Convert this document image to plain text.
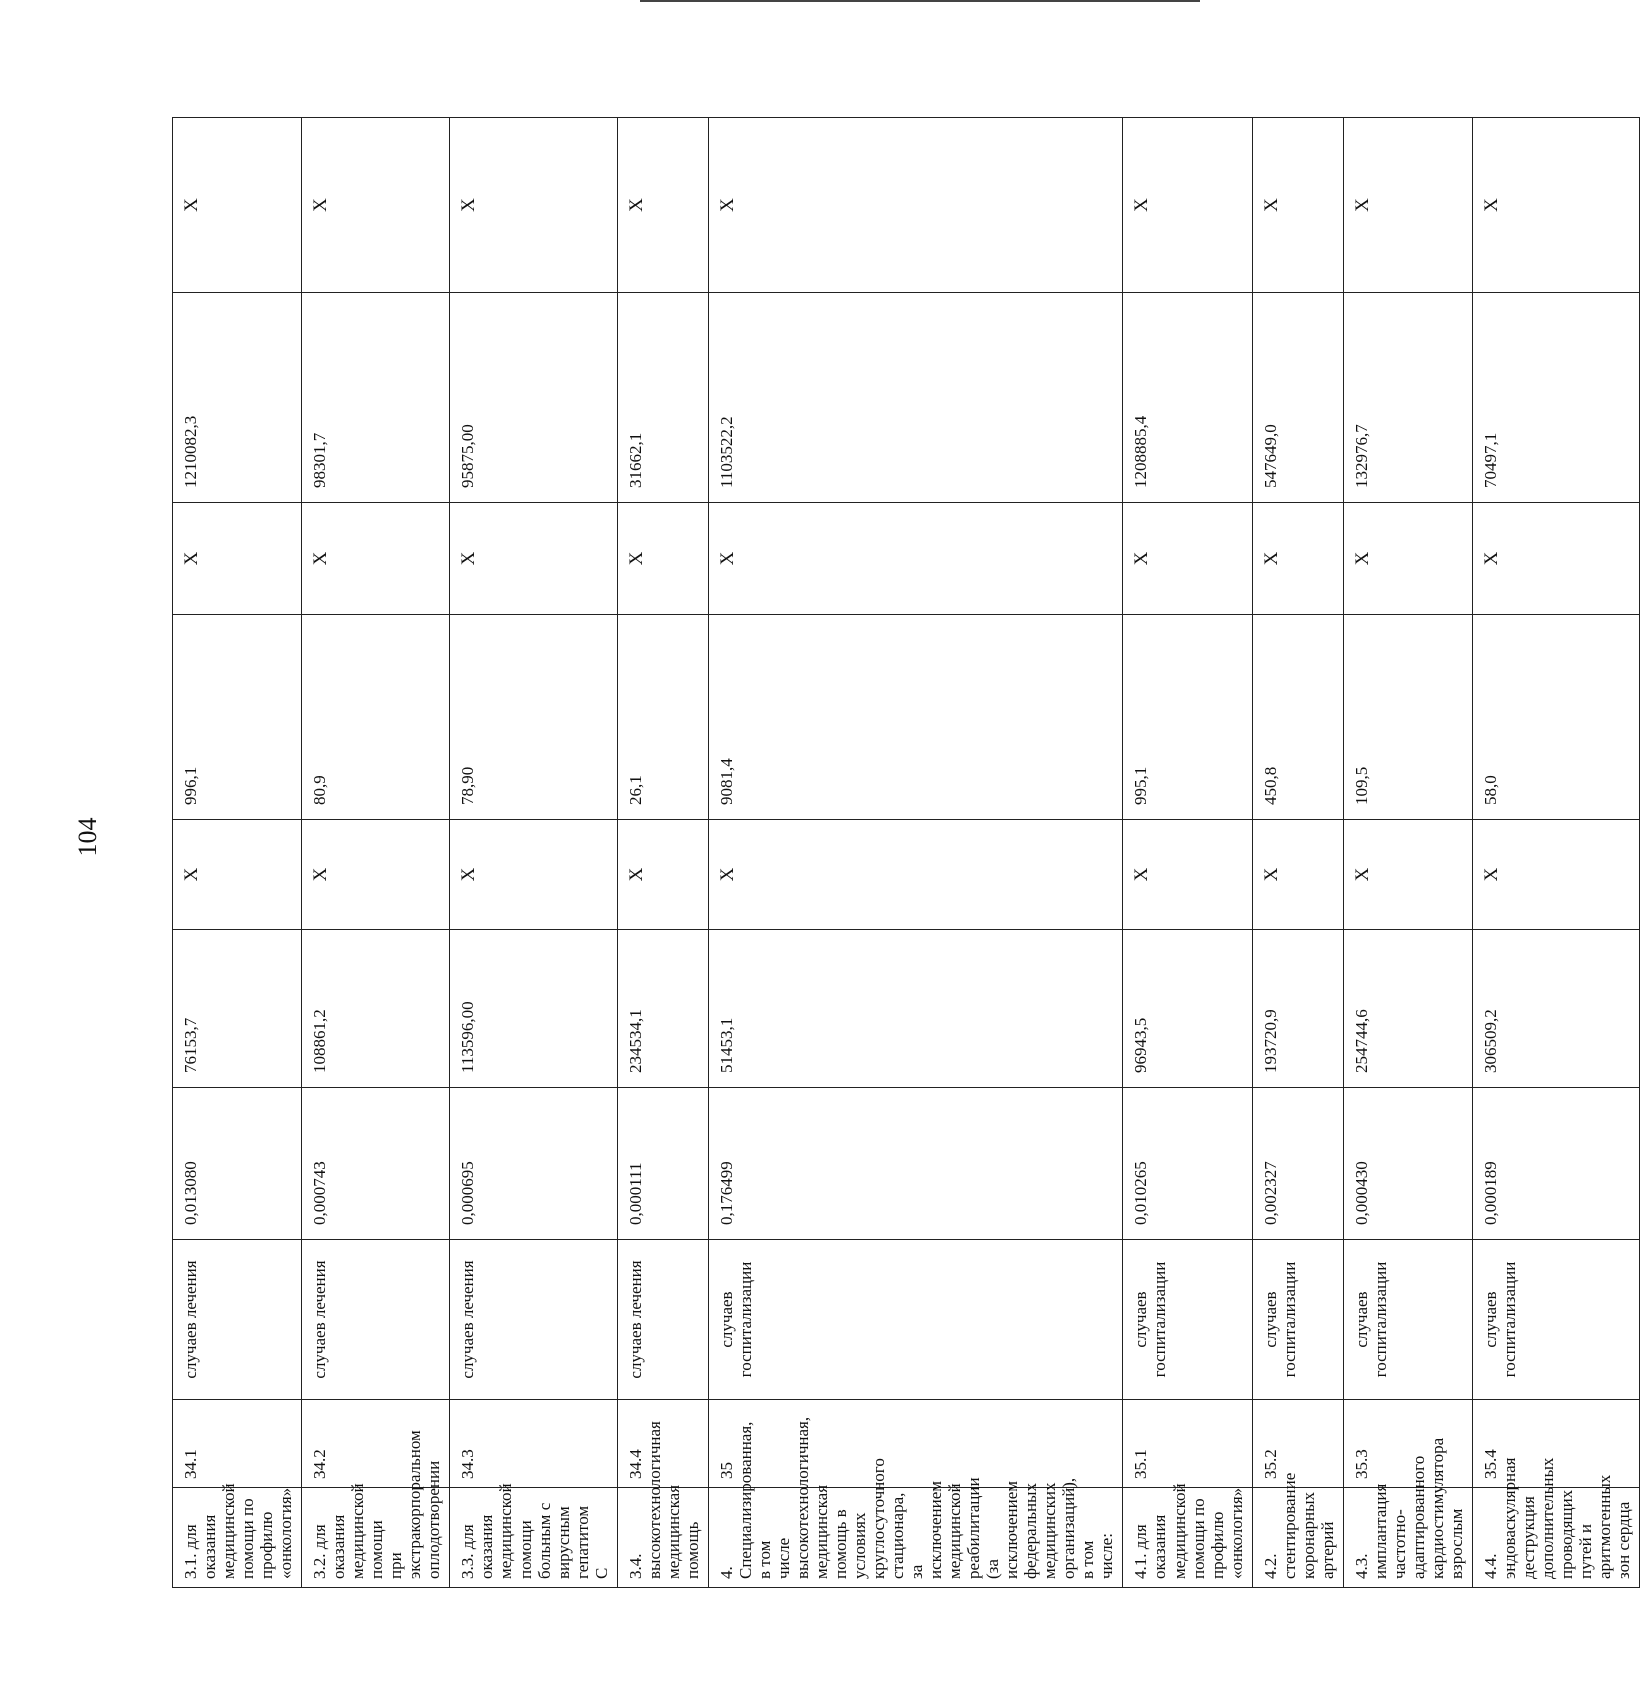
104
3.1. для оказания медицинской помощи по профилю «онкология»	34.1	случаев лечения	0,013080	76153,7	X	996,1	X	1210082,3	X
3.2. для оказания медицинской помощи при экстракорпоральном оплодотворении	34.2	случаев лечения	0,000743	108861,2	X	80,9	X	98301,7	X
3.3. для оказания медицинской помощи больным с вирусным гепатитом С	34.3	случаев лечения	0,000695	113596,00	X	78,90	X	95875,00	X
3.4. высокотехнологичная медицинская помощь	34.4	случаев лечения	0,000111	234534,1	X	26,1	X	31662,1	X
4. Специализированная, в том числе высокотехнологичная, медицинская помощь в условиях круглосуточного стационара, за исключением медицинской реабилитации (за исключением федеральных медицинских организаций), в том числе:	35	случаев госпитализации	0,176499	51453,1	X	9081,4	X	1103522,2	X
4.1. для оказания медицинской помощи по профилю «онкология»	35.1	случаев госпитализации	0,010265	96943,5	X	995,1	X	1208885,4	X
4.2. стентирование коронарных артерий	35.2	случаев госпитализации	0,002327	193720,9	X	450,8	X	547649,0	X
4.3. имплантация частотно-адаптированного кардиостимулятора взрослым	35.3	случаев госпитализации	0,000430	254744,6	X	109,5	X	132976,7	X
4.4. эндоваскулярная деструкция дополнительных проводящих путей и аритмогенных зон сердца	35.4	случаев госпитализации	0,000189	306509,2	X	58,0	X	70497,1	X
